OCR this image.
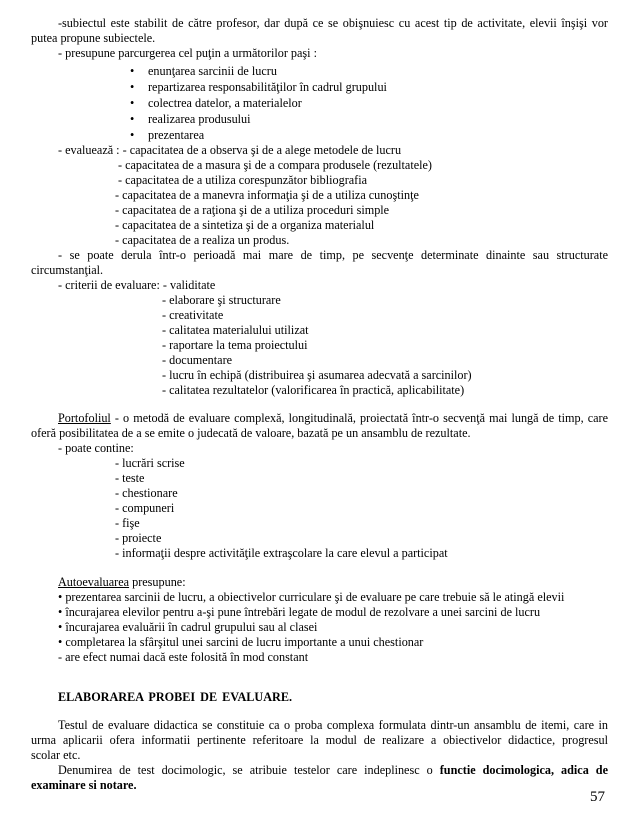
-subiectul este stabilit de către profesor, dar după ce se obişnuiesc cu acest tip de activitate, elevii înşişi vor
putea propune subiectele.
- presupune parcurgerea cel puţin a următorilor paşi :
• enunţarea sarcinii de lucru
• repartizarea responsabilităţilor în cadrul grupului
• colectrea datelor, a materialelor
• realizarea produsului
• prezentarea
- evaluează : - capacitatea de a observa şi de a alege metodele de lucru
- capacitatea de a masura şi de a compara produsele (rezultatele)
- capacitatea de a utiliza corespunzător bibliografia
- capacitatea de a manevra informaţia şi de a utiliza cunoştinţe
- capacitatea de a raţiona şi de a utiliza proceduri simple
- capacitatea de a sintetiza şi de a organiza materialul
- capacitatea de a realiza un produs.
- se poate derula într-o perioadă mai mare de timp, pe secvenţe determinate dinainte sau structurate
circumstanţial.
- criterii de evaluare: - validitate
- elaborare şi structurare
- creativitate
- calitatea materialului utilizat
- raportare la tema proiectului
- documentare
- lucru în echipă (distribuirea şi asumarea adecvată a sarcinilor)
- calitatea rezultatelor (valorificarea în practică, aplicabilitate)
Portofoliul - o metodă de evaluare complexă, longitudinală, proiectată într-o secvenţă mai lungă de timp, care
oferă posibilitatea de a se emite o judecată de valoare, bazată pe un ansamblu de rezultate.
- poate contine:
- lucrări scrise
- teste
- chestionare
- compuneri
- fişe
- proiecte
- informaţii despre activităţile extraşcolare la care elevul a participat
Autoevaluarea presupune:
• prezentarea sarcinii de lucru, a obiectivelor curriculare şi de evaluare pe care trebuie să le atingă elevii
• încurajarea elevilor pentru a-şi pune întrebări legate de modul de rezolvare a unei sarcini de lucru
• încurajarea evaluării în cadrul grupului sau al clasei
• completarea la sfârşitul unei sarcini de lucru importante a unui chestionar
- are efect numai dacă este folosită în mod constant
ELABORAREA PROBEI DE EVALUARE.
Testul de evaluare didactica se constituie ca o proba complexa formulata dintr-un ansamblu de itemi, care in
urma aplicarii ofera informatii pertinente referitoare la modul de realizare a obiectivelor didactice, progresul
scolar etc.
Denumirea de test docimologic, se atribuie testelor care indeplinesc o functie docimologica, adica de
examinare si notare.
57
